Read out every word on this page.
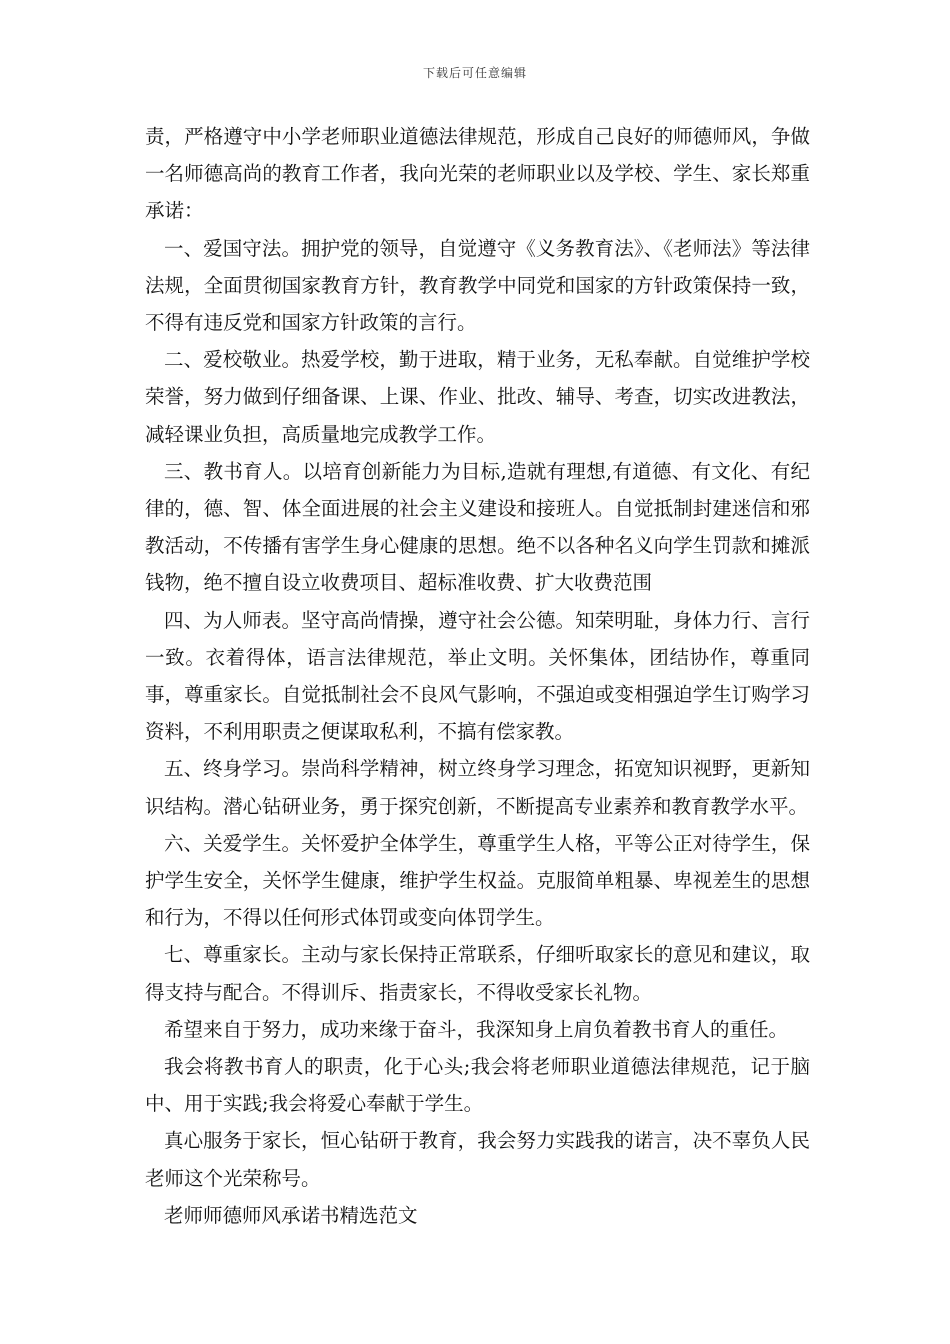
下载后可任意编辑

责，严格遵守中小学老师职业道德法律规范，形成自己良好的师德师风，争做一名师德高尚的教育工作者，我向光荣的老师职业以及学校、学生、家长郑重承诺：

一、爱国守法。拥护党的领导，自觉遵守《义务教育法》、《老师法》等法律法规，全面贯彻国家教育方针，教育教学中同党和国家的方针政策保持一致，不得有违反党和国家方针政策的言行。

二、爱校敬业。热爱学校，勤于进取，精于业务，无私奉献。自觉维护学校荣誉，努力做到仔细备课、上课、作业、批改、辅导、考查，切实改进教法，减轻课业负担，高质量地完成教学工作。

三、教书育人。以培育创新能力为目标,造就有理想,有道德、有文化、有纪律的，德、智、体全面进展的社会主义建设和接班人。自觉抵制封建迷信和邪教活动，不传播有害学生身心健康的思想。绝不以各种名义向学生罚款和摊派钱物，绝不擅自设立收费项目、超标准收费、扩大收费范围

四、为人师表。坚守高尚情操，遵守社会公德。知荣明耻，身体力行、言行一致。衣着得体，语言法律规范，举止文明。关怀集体，团结协作，尊重同事，尊重家长。自觉抵制社会不良风气影响，不强迫或变相强迫学生订购学习资料，不利用职责之便谋取私利，不搞有偿家教。

五、终身学习。崇尚科学精神，树立终身学习理念，拓宽知识视野，更新知识结构。潜心钻研业务，勇于探究创新，不断提高专业素养和教育教学水平。

六、关爱学生。关怀爱护全体学生，尊重学生人格，平等公正对待学生，保护学生安全，关怀学生健康，维护学生权益。克服简单粗暴、卑视差生的思想和行为，不得以任何形式体罚或变向体罚学生。

七、尊重家长。主动与家长保持正常联系，仔细听取家长的意见和建议，取得支持与配合。不得训斥、指责家长，不得收受家长礼物。

希望来自于努力，成功来缘于奋斗，我深知身上肩负着教书育人的重任。

我会将教书育人的职责，化于心头;我会将老师职业道德法律规范，记于脑中、用于实践;我会将爱心奉献于学生。

真心服务于家长，恒心钻研于教育，我会努力实践我的诺言，决不辜负人民老师这个光荣称号。

老师师德师风承诺书精选范文
